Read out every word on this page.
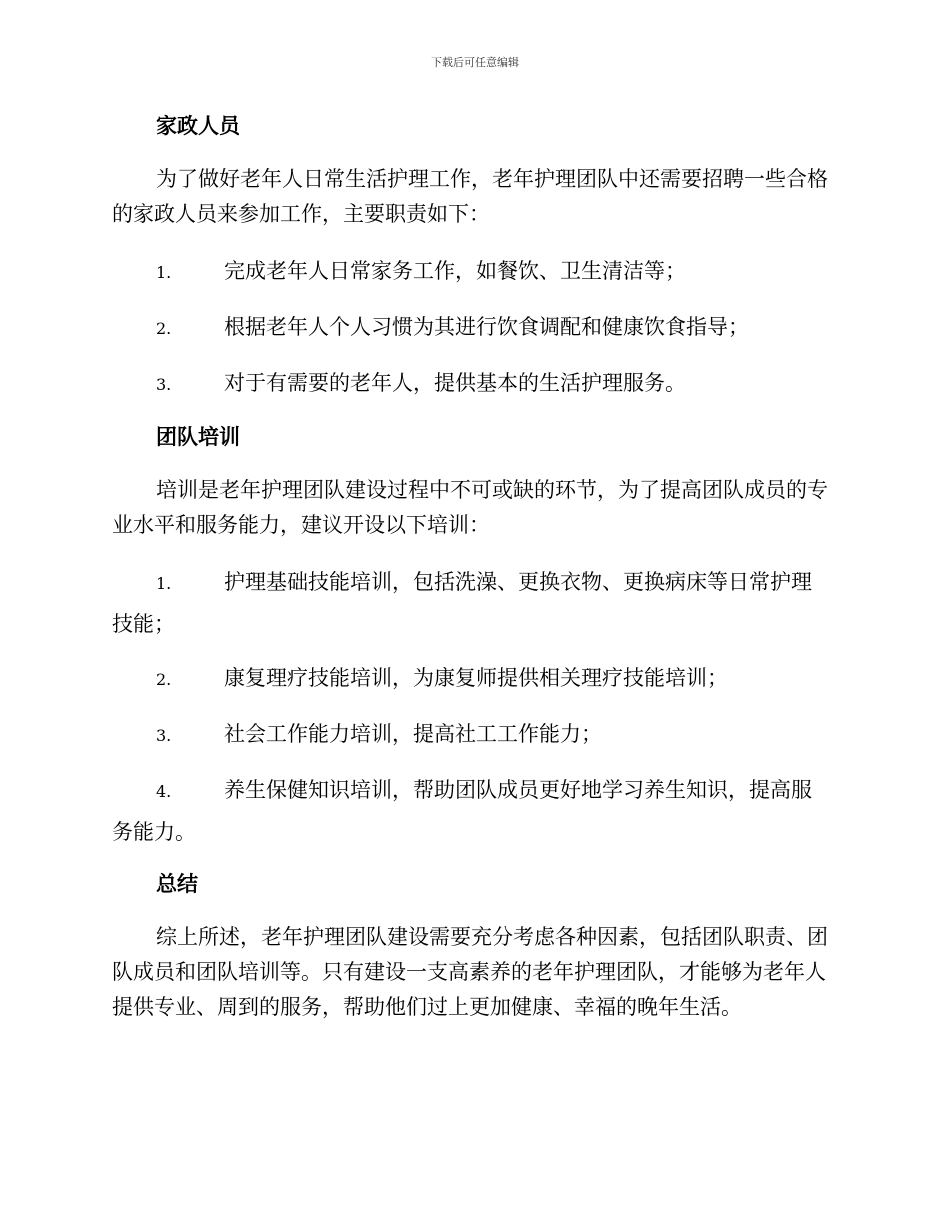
下载后可任意编辑
家政人员
为了做好老年人日常生活护理工作，老年护理团队中还需要招聘一些合格的家政人员来参加工作，主要职责如下：
1.	完成老年人日常家务工作，如餐饮、卫生清洁等；
2.	根据老年人个人习惯为其进行饮食调配和健康饮食指导；
3.	对于有需要的老年人，提供基本的生活护理服务。
团队培训
培训是老年护理团队建设过程中不可或缺的环节，为了提高团队成员的专业水平和服务能力，建议开设以下培训：
1.	护理基础技能培训，包括洗澡、更换衣物、更换病床等日常护理技能；
2.	康复理疗技能培训，为康复师提供相关理疗技能培训；
3.	社会工作能力培训，提高社工工作能力；
4.	养生保健知识培训，帮助团队成员更好地学习养生知识，提高服务能力。
总结
综上所述，老年护理团队建设需要充分考虑各种因素，包括团队职责、团队成员和团队培训等。只有建设一支高素养的老年护理团队，才能够为老年人提供专业、周到的服务，帮助他们过上更加健康、幸福的晚年生活。
